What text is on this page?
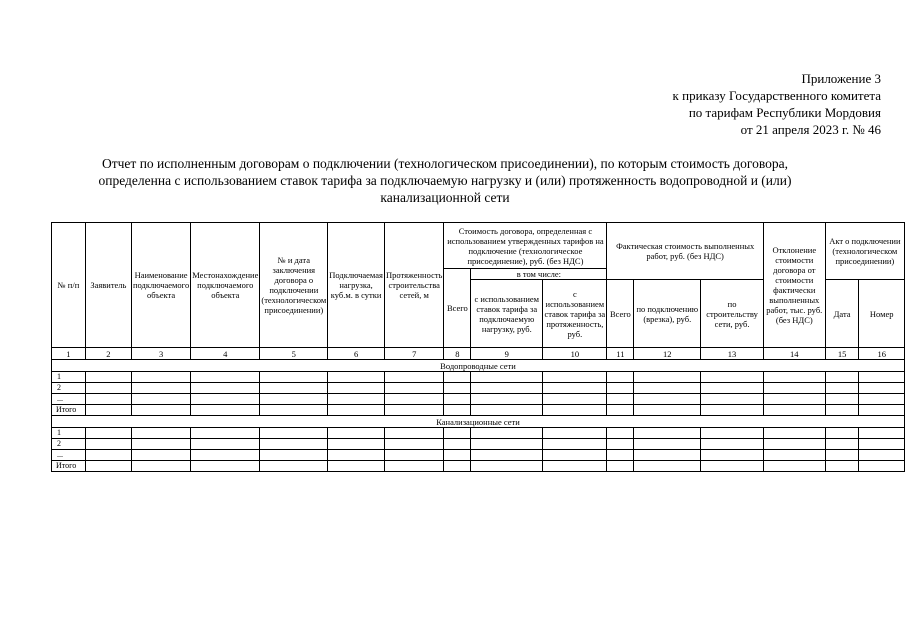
Приложение 3
к приказу Государственного комитета
по тарифам Республики Мордовия
от 21 апреля 2023 г. № 46
Отчет по исполненным договорам о подключении (технологическом присоединении), по которым стоимость договора,
определенна с использованием ставок тарифа за подключаемую нагрузку и (или) протяженность водопроводной и (или)
канализационной сети
№ п/п	Заявитель	Наименование подключаемого объекта	Местонахождение подключаемого объекта	№ и дата заключения договора о подключении (технологическом присоединении)	Подключаемая нагрузка, куб.м. в сутки	Протяженность строительства сетей, м	Стоимость договора, определенная с использованием утвержденных тарифов на подключение (технологическое присоединение), руб. (без НДС)			Фактическая стоимость выполненных работ, руб. (без НДС)			Отклонение стоимости договора от стоимости фактически выполненных работ, тыс. руб. (без НДС)	Акт о подключении (технологическом присоединении)	
							Всего	в том числе:							
								с использованием ставок тарифа за подключаемую нагрузку, руб.	с использованием ставок тарифа за протяженность, руб.	Всего	по подключению (врезка), руб.	по строительству сети, руб.		Дата	Номер
1	2	3	4	5	6	7	8	9	10	11	12	13	14	15	16
Водопроводные сети															
1															
2															
...															
Итого															
Канализационные сети															
1															
2															
...															
Итого															
